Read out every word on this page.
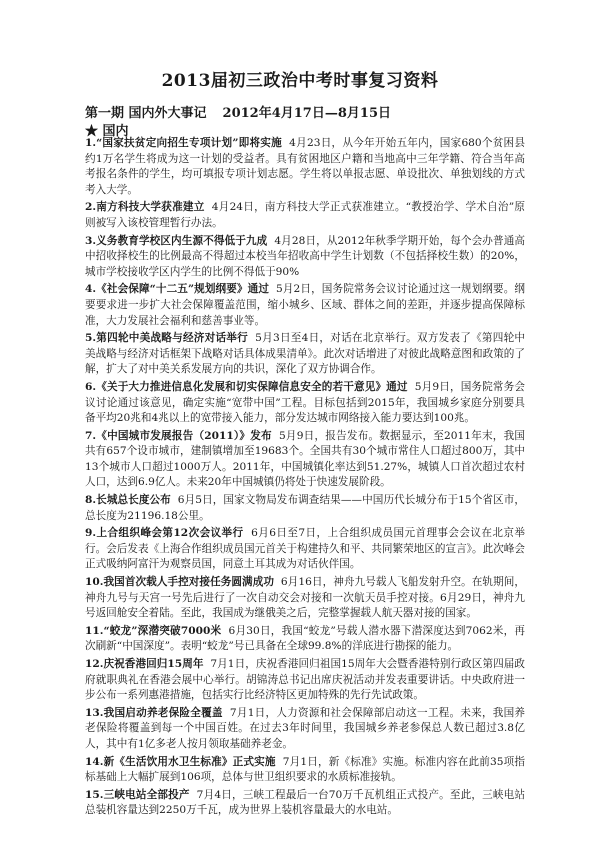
2013届初三政治中考时事复习资料
第一期 国内外大事记 2012年4月17日—8月15日
★ 国内

1.“国家扶贫定向招生专项计划”即将实施 4月23日，从今年开始五年内，国家680个贫困县约1万名学生将成为这一计划的受益者。具有贫困地区户籍和当地高中三年学籍、符合当年高考报名条件的学生，均可填报专项计划志愿。学生将以单报志愿、单设批次、单独划线的方式考入大学。

2.南方科技大学获准建立 4月24日，南方科技大学正式获准建立。“教授治学、学术自治”原则被写入该校管理暂行办法。

3.义务教育学校区内生源不得低于九成 4月28日，从2012年秋季学期开始，每个会办普通高中招收择校生的比例最高不得超过本校当年招收高中学生计划数（不包括择校生数）的20%，城市学校接收学区内学生的比例不得低于90%

4.《社会保障“十二五”规划纲要》通过 5月2日，国务院常务会议讨论通过这一规划纲要。纲要要求进一步扩大社会保障覆盖范围，缩小城乡、区域、群体之间的差距，并逐步提高保障标准，大力发展社会福利和慈善事业等。

5.第四轮中美战略与经济对话举行 5月3日至4日，对话在北京举行。双方发表了《第四轮中美战略与经济对话框架下战略对话具体成果清单》。此次对话增进了对彼此战略意图和政策的了解，扩大了对中美关系发展方向的共识，深化了双方协调合作。

6.《关于大力推进信息化发展和切实保障信息安全的若干意见》通过 5月9日，国务院常务会议讨论通过该意见，确定实施“宽带中国”工程。目标包括到2015年，我国城乡家庭分别要具备平均20兆和4兆以上的宽带接入能力，部分发达城市网络接入能力要达到100兆。

7.《中国城市发展报告（2011）》发布 5月9日，报告发布。数据显示，至2011年末，我国共有657个设市城市，建制镇增加至19683个。全国共有30个城市常住人口超过800万，其中13个城市人口超过1000万人。2011年，中国城镇化率达到51.27%，城镇人口首次超过农村人口，达到6.9亿人。未来20年中国城镇仍将处于快速发展阶段。

8.长城总长度公布 6月5日，国家文物局发布调查结果——中国历代长城分布于15个省区市，总长度为21196.18公里。

9.上合组织峰会第12次会议举行 6月6日至7日，上合组织成员国元首理事会会议在北京举行。会后发表《上海合作组织成员国元首关于构建持久和平、共同繁荣地区的宣言》。此次峰会正式吸纳阿富汗为观察员国，同意土耳其成为对话伙伴国。

10.我国首次载人手控对接任务圆满成功 6月16日，神舟九号载人飞船发射升空。在轨期间，神舟九号与天宫一号先后进行了一次自动交会对接和一次航天员手控对接。6月29日，神舟九号返回舱安全着陆。至此，我国成为继俄美之后，完整掌握载人航天器对接的国家。

11.“蛟龙”深潜突破7000米 6月30日，我国“蛟龙”号载人潜水器下潜深度达到7062米，再次刷新“中国深度”。表明“蛟龙”号已具备在全球99.8%的洋底进行勘探的能力。

12.庆祝香港回归15周年 7月1日，庆祝香港回归祖国15周年大会暨香港特别行政区第四届政府就职典礼在香港会展中心举行。胡锦涛总书记出席庆祝活动并发表重要讲话。中央政府进一步公布一系列惠港措施，包括实行比经济特区更加特殊的先行先试政策。

13.我国启动养老保险全覆盖 7月1日，人力资源和社会保障部启动这一工程。未来，我国养老保险将覆盖到每一个中国百姓。在过去3年时间里，我国城乡养老参保总人数已超过3.8亿人，其中有1亿多老人按月领取基础养老金。

14.新《生活饮用水卫生标准》正式实施 7月1日，新《标准》实施。标准内容在此前35项指标基础上大幅扩展到106项，总体与世卫组织要求的水质标准接轨。

15.三峡电站全部投产 7月4日，三峡工程最后一台70万千瓦机组正式投产。至此，三峡电站总装机容量达到2250万千瓦，成为世界上装机容量最大的水电站。
